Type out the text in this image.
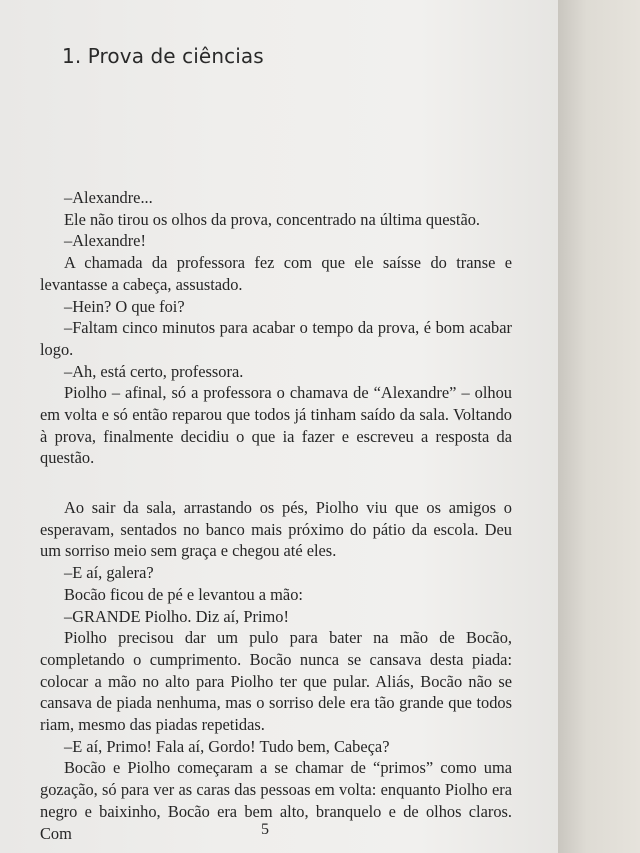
1. Prova de ciências

–Alexandre...

Ele não tirou os olhos da prova, concentrado na última questão.

–Alexandre!

A chamada da professora fez com que ele saísse do transe e levantasse a cabeça, assustado.

–Hein? O que foi?

–Faltam cinco minutos para acabar o tempo da prova, é bom acabar logo.

–Ah, está certo, professora.

Piolho – afinal, só a professora o chamava de “Alexandre” – olhou em volta e só então reparou que todos já tinham saído da sala. Voltando à prova, finalmente decidiu o que ia fazer e escreveu a resposta da questão.

Ao sair da sala, arrastando os pés, Piolho viu que os amigos o esperavam, sentados no banco mais próximo do pátio da escola. Deu um sorriso meio sem graça e chegou até eles.

–E aí, galera?

Bocão ficou de pé e levantou a mão:

–GRANDE Piolho. Diz aí, Primo!

Piolho precisou dar um pulo para bater na mão de Bocão, completando o cumprimento. Bocão nunca se cansava desta piada: colocar a mão no alto para Piolho ter que pular. Aliás, Bocão não se cansava de piada nenhuma, mas o sorriso dele era tão grande que todos riam, mesmo das piadas repetidas.

–E aí, Primo! Fala aí, Gordo! Tudo bem, Cabeça?

Bocão e Piolho começaram a se chamar de “primos” como uma gozação, só para ver as caras das pessoas em volta: enquanto Piolho era negro e baixinho, Bocão era bem alto, branquelo e de olhos claros. Com	5
